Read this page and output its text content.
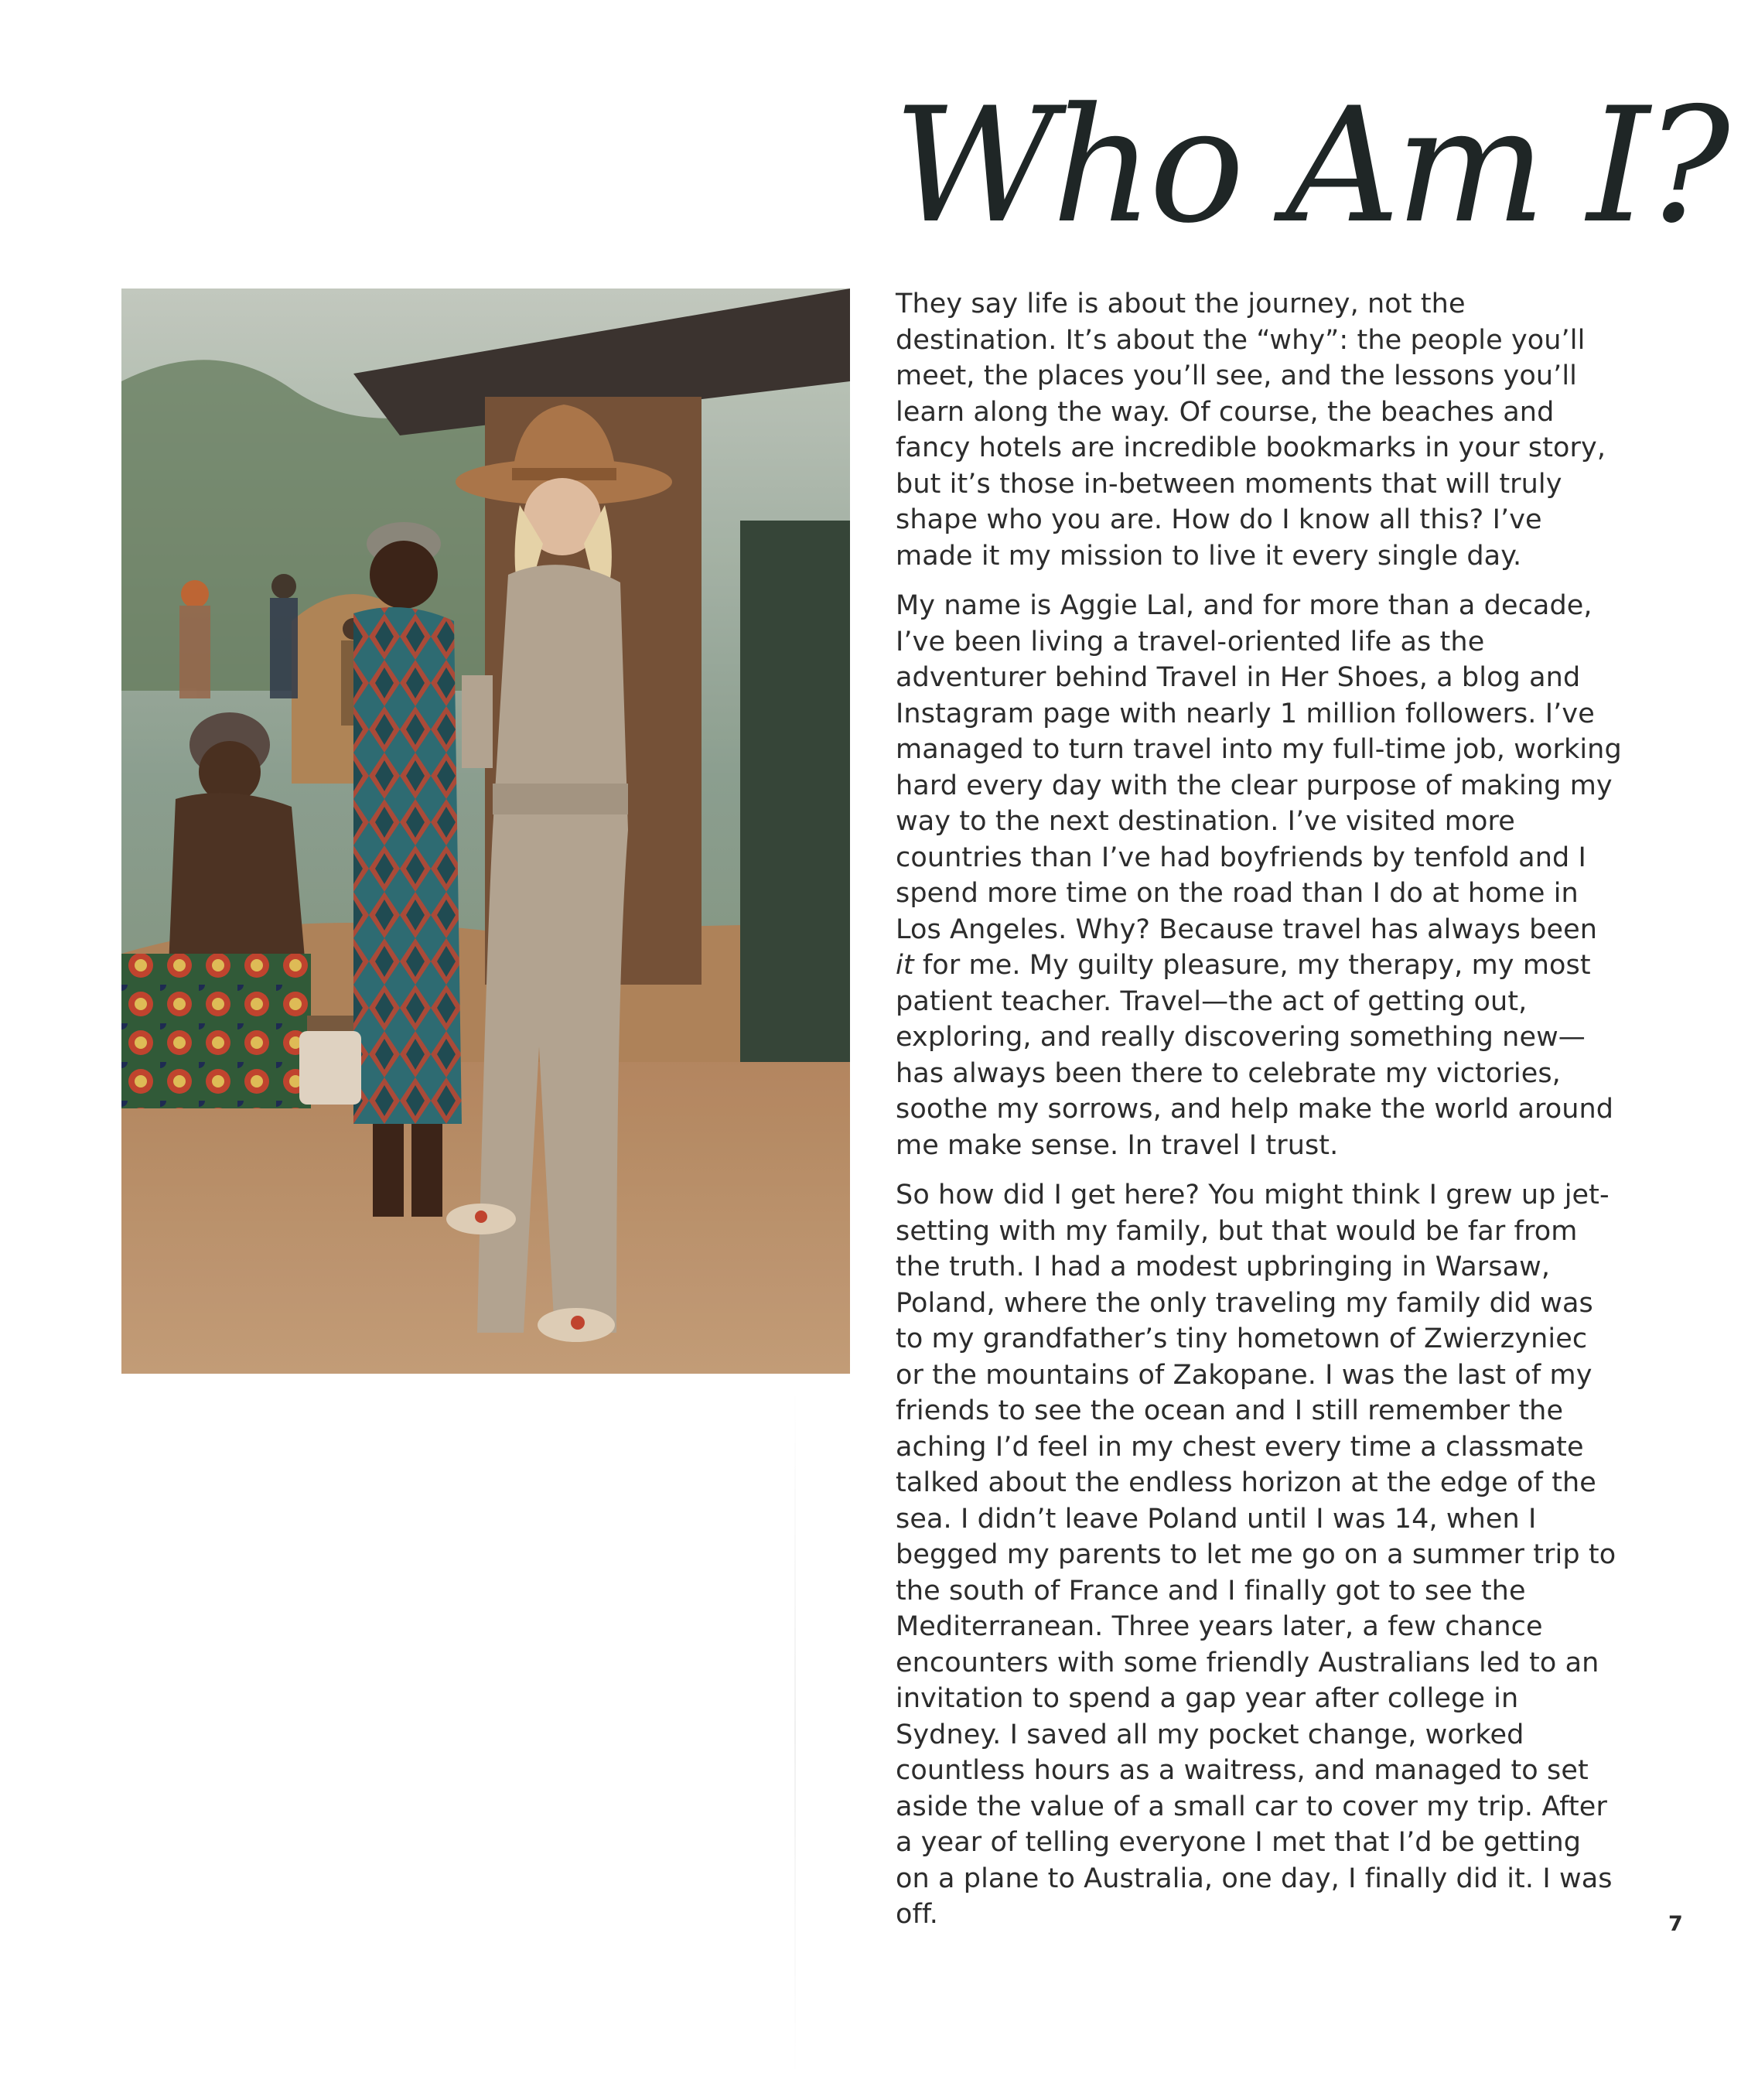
Who Am I?

They say life is about the journey, not the destination. It’s about the “why”: the people you’ll meet, the places you’ll see, and the lessons you’ll learn along the way. Of course, the beaches and fancy hotels are incredible bookmarks in your story, but it’s those in-between moments that will truly shape who you are. How do I know all this? I’ve made it my mission to live it every single day.

My name is Aggie Lal, and for more than a decade, I’ve been living a travel-oriented life as the adventurer behind Travel in Her Shoes, a blog and Instagram page with nearly 1 million followers. I’ve managed to turn travel into my full-time job, working hard every day with the clear purpose of making my way to the next destination. I’ve visited more countries than I’ve had boyfriends by tenfold and I spend more time on the road than I do at home in Los Angeles. Why? Because travel has always been it for me. My guilty pleasure, my therapy, my most patient teacher. Travel—the act of getting out, exploring, and really discovering something new—has always been there to celebrate my victories, soothe my sorrows, and help make the world around me make sense. In travel I trust.

So how did I get here? You might think I grew up jet-setting with my family, but that would be far from the truth. I had a modest upbringing in Warsaw, Poland, where the only traveling my family did was to my grandfather’s tiny hometown of Zwierzyniec or the mountains of Zakopane. I was the last of my friends to see the ocean and I still remember the aching I’d feel in my chest every time a classmate talked about the endless horizon at the edge of the sea. I didn’t leave Poland until I was 14, when I begged my parents to let me go on a summer trip to the south of France and I finally got to see the Mediterranean. Three years later, a few chance encounters with some friendly Australians led to an invitation to spend a gap year after college in Sydney. I saved all my pocket change, worked countless hours as a waitress, and managed to set aside the value of a small car to cover my trip. After a year of telling everyone I met that I’d be getting on a plane to Australia, one day, I finally did it. I was off.	7
